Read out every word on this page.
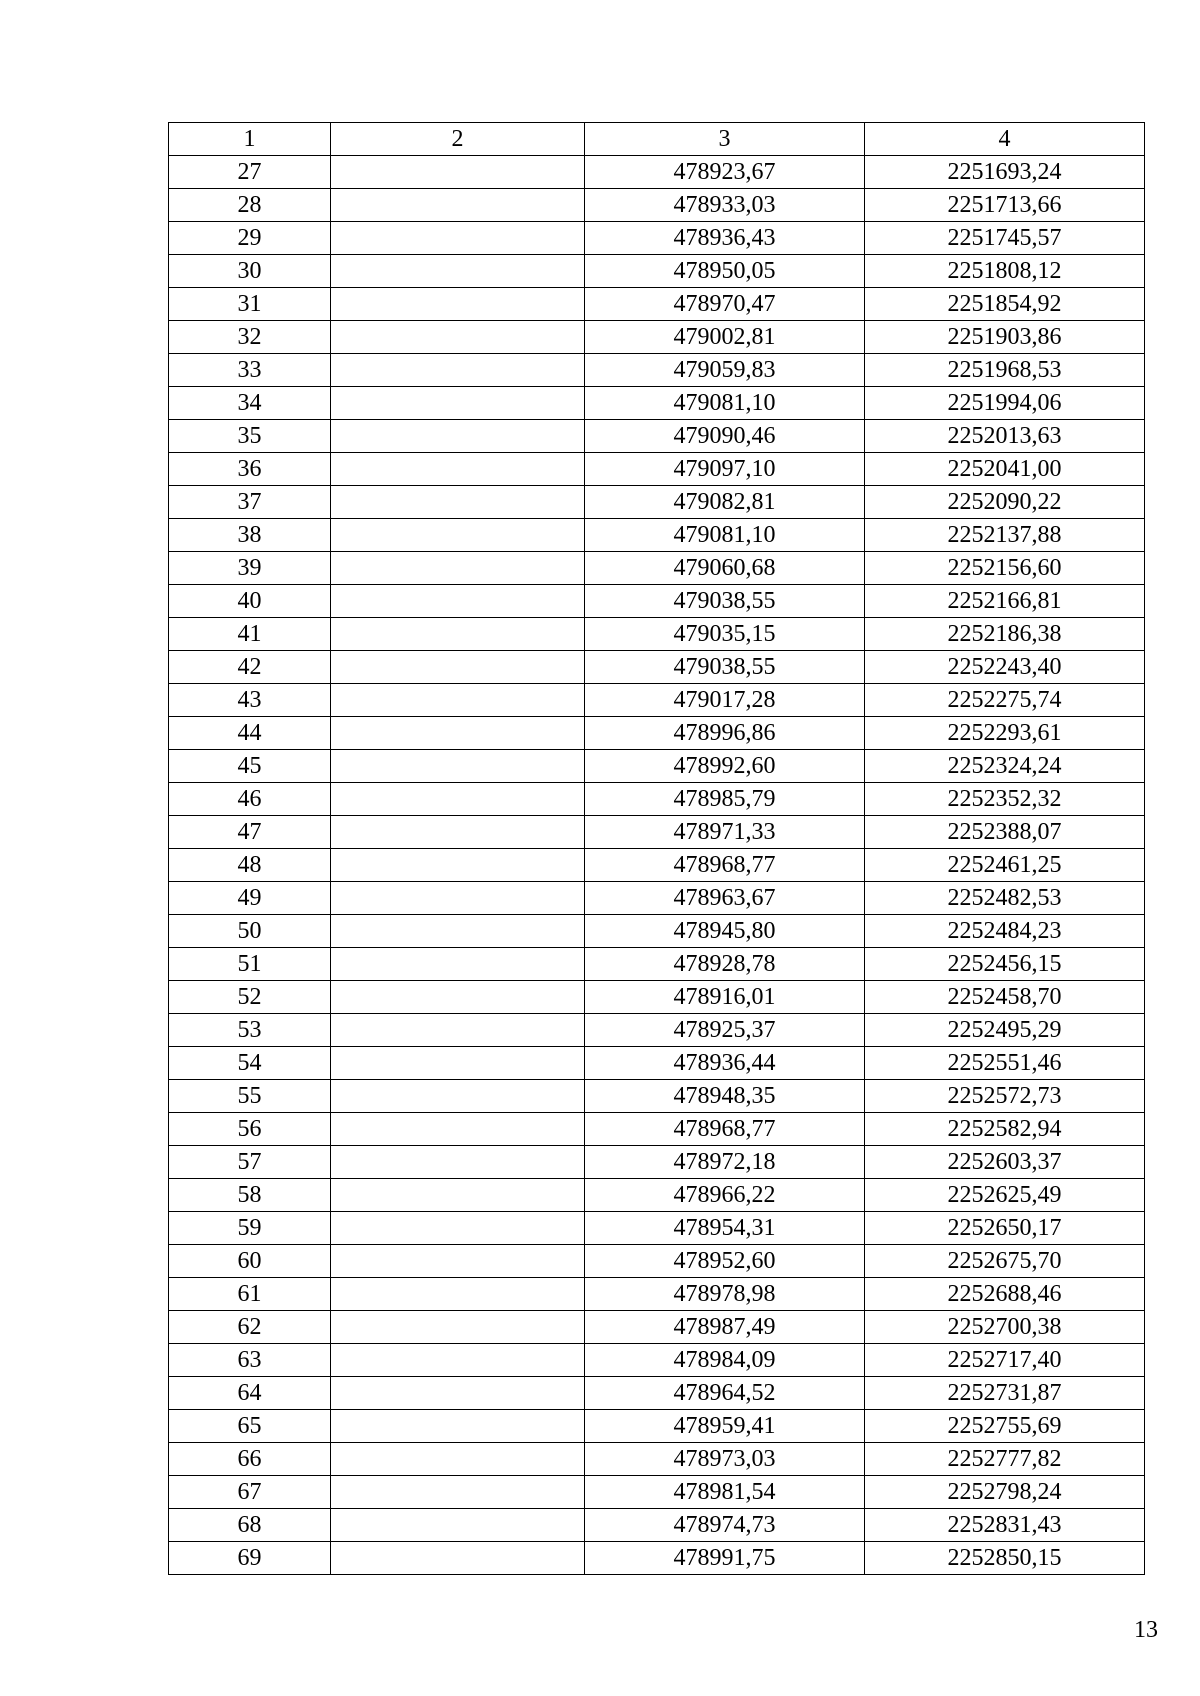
1	2	3	4
27		478923,67	2251693,24
28		478933,03	2251713,66
29		478936,43	2251745,57
30		478950,05	2251808,12
31		478970,47	2251854,92
32		479002,81	2251903,86
33		479059,83	2251968,53
34		479081,10	2251994,06
35		479090,46	2252013,63
36		479097,10	2252041,00
37		479082,81	2252090,22
38		479081,10	2252137,88
39		479060,68	2252156,60
40		479038,55	2252166,81
41		479035,15	2252186,38
42		479038,55	2252243,40
43		479017,28	2252275,74
44		478996,86	2252293,61
45		478992,60	2252324,24
46		478985,79	2252352,32
47		478971,33	2252388,07
48		478968,77	2252461,25
49		478963,67	2252482,53
50		478945,80	2252484,23
51		478928,78	2252456,15
52		478916,01	2252458,70
53		478925,37	2252495,29
54		478936,44	2252551,46
55		478948,35	2252572,73
56		478968,77	2252582,94
57		478972,18	2252603,37
58		478966,22	2252625,49
59		478954,31	2252650,17
60		478952,60	2252675,70
61		478978,98	2252688,46
62		478987,49	2252700,38
63		478984,09	2252717,40
64		478964,52	2252731,87
65		478959,41	2252755,69
66		478973,03	2252777,82
67		478981,54	2252798,24
68		478974,73	2252831,43
69		478991,75	2252850,15
13
